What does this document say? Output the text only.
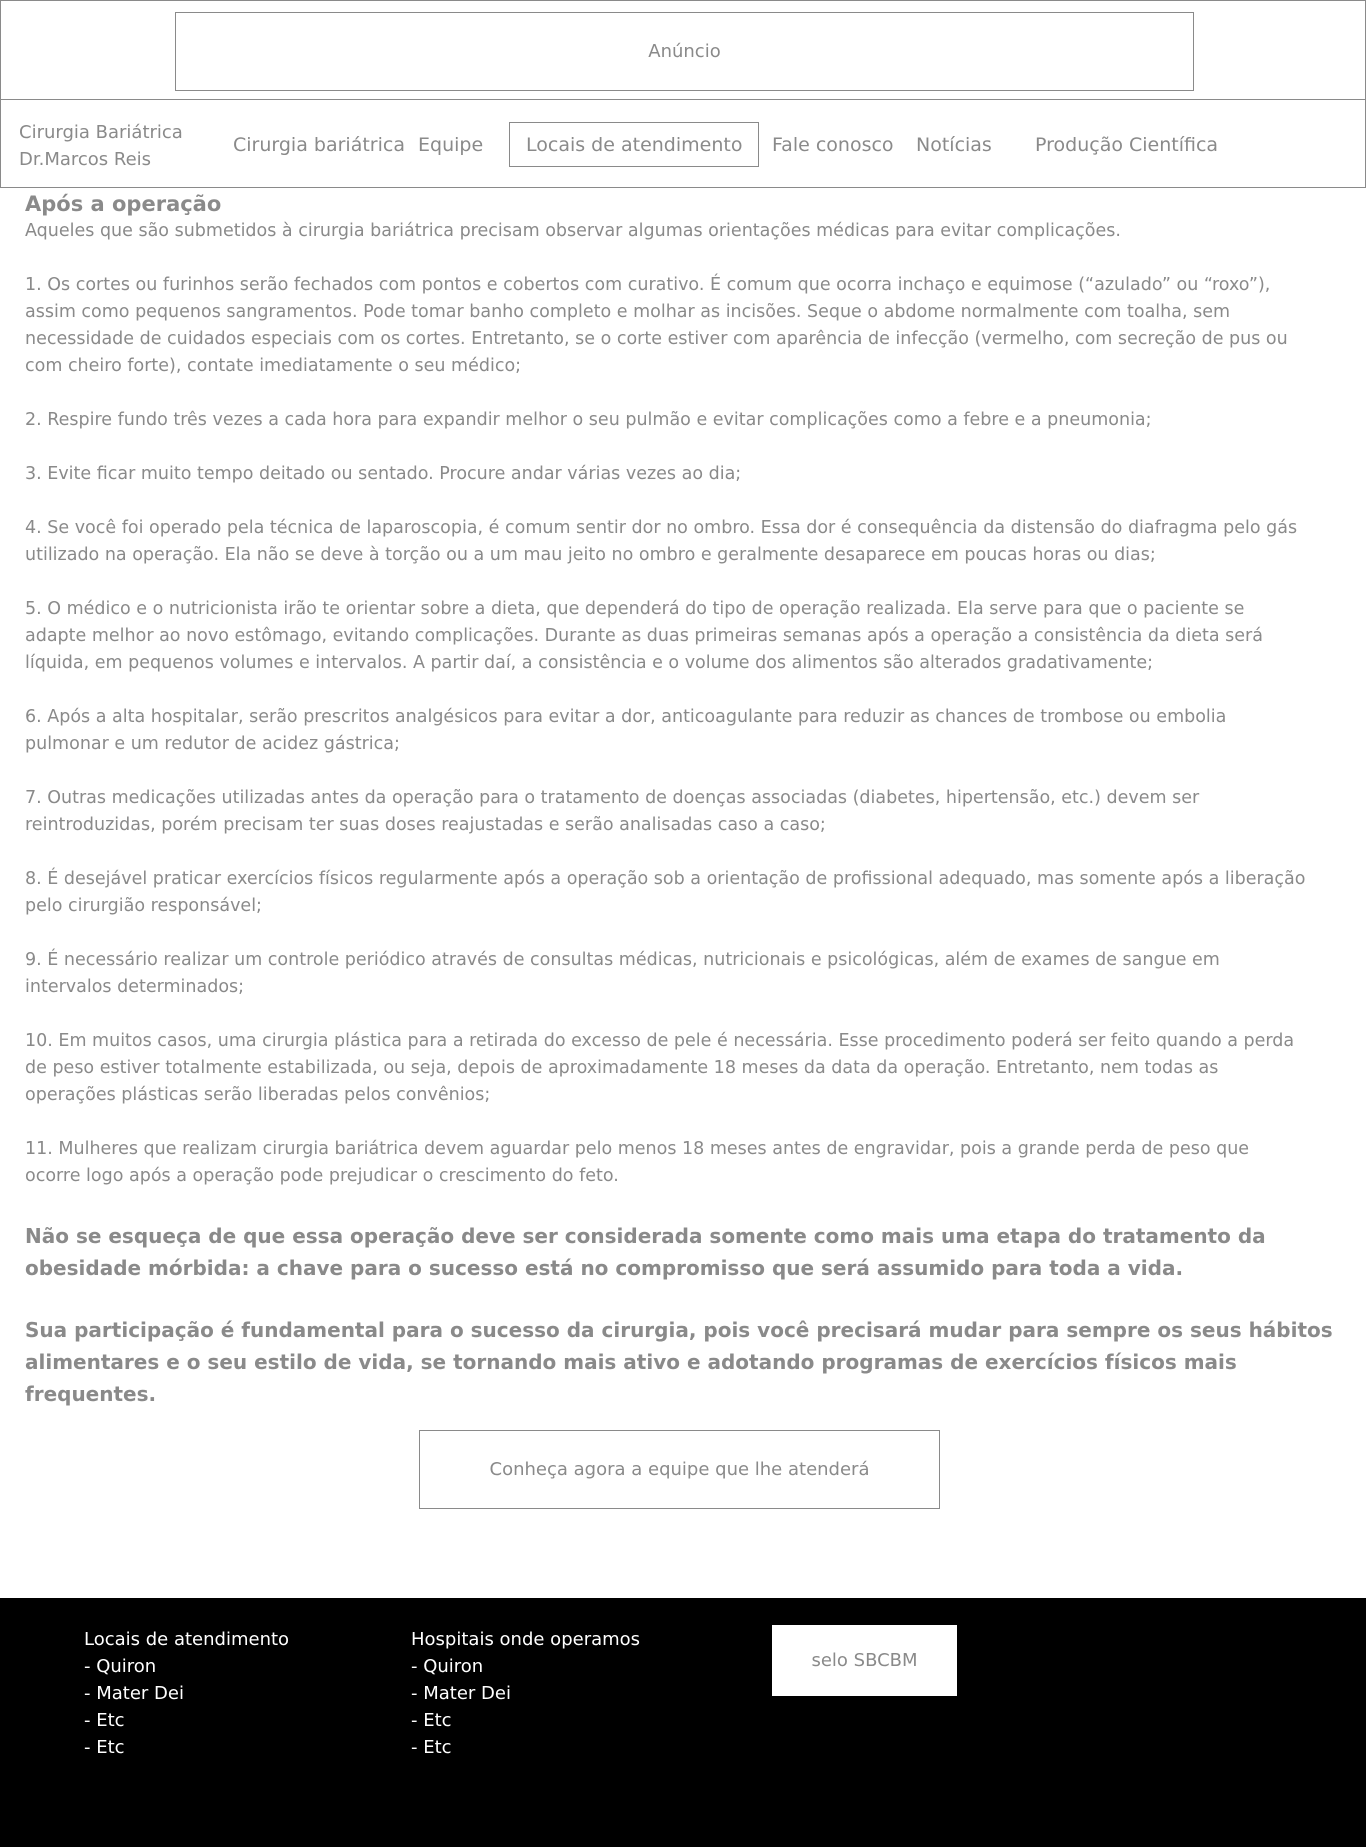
Anúncio
Cirurgia Bariátrica
Dr.Marcos Reis
Cirurgia bariátrica Equipe	Locais de atendimento	Fale conosco Notícias Produção Científica
Após a operação
Aqueles que são submetidos à cirurgia bariátrica precisam observar algumas orientações médicas para evitar complicações.
1. Os cortes ou furinhos serão fechados com pontos e cobertos com curativo. É comum que ocorra inchaço e equimose (“azulado” ou “roxo”), assim como pequenos sangramentos. Pode tomar banho completo e molhar as incisões. Seque o abdome normalmente com toalha, sem necessidade de cuidados especiais com os cortes. Entretanto, se o corte estiver com aparência de infecção (vermelho, com secreção de pus ou com cheiro forte), contate imediatamente o seu médico;
2. Respire fundo três vezes a cada hora para expandir melhor o seu pulmão e evitar complicações como a febre e a pneumonia;
3. Evite ficar muito tempo deitado ou sentado. Procure andar várias vezes ao dia;
4. Se você foi operado pela técnica de laparoscopia, é comum sentir dor no ombro. Essa dor é consequência da distensão do diafragma pelo gás utilizado na operação. Ela não se deve à torção ou a um mau jeito no ombro e geralmente desaparece em poucas horas ou dias;
5. O médico e o nutricionista irão te orientar sobre a dieta, que dependerá do tipo de operação realizada. Ela serve para que o paciente se adapte melhor ao novo estômago, evitando complicações. Durante as duas primeiras semanas após a operação a consistência da dieta será líquida, em pequenos volumes e intervalos. A partir daí, a consistência e o volume dos alimentos são alterados gradativamente;
6. Após a alta hospitalar, serão prescritos analgésicos para evitar a dor, anticoagulante para reduzir as chances de trombose ou embolia pulmonar e um redutor de acidez gástrica;
7. Outras medicações utilizadas antes da operação para o tratamento de doenças associadas (diabetes, hipertensão, etc.) devem ser reintroduzidas, porém precisam ter suas doses reajustadas e serão analisadas caso a caso;
8. É desejável praticar exercícios físicos regularmente após a operação sob a orientação de profissional adequado, mas somente após a liberação pelo cirurgião responsável;
9. É necessário realizar um controle periódico através de consultas médicas, nutricionais e psicológicas, além de exames de sangue em intervalos determinados;
10. Em muitos casos, uma cirurgia plástica para a retirada do excesso de pele é necessária. Esse procedimento poderá ser feito quando a perda de peso estiver totalmente estabilizada, ou seja, depois de aproximadamente 18 meses da data da operação. Entretanto, nem todas as operações plásticas serão liberadas pelos convênios;
11. Mulheres que realizam cirurgia bariátrica devem aguardar pelo menos 18 meses antes de engravidar, pois a grande perda de peso que ocorre logo após a operação pode prejudicar o crescimento do feto.
Não se esqueça de que essa operação deve ser considerada somente como mais uma etapa do tratamento da obesidade mórbida: a chave para o sucesso está no compromisso que será assumido para toda a vida.
Sua participação é fundamental para o sucesso da cirurgia, pois você precisará mudar para sempre os seus hábitos alimentares e o seu estilo de vida, se tornando mais ativo e adotando programas de exercícios físicos mais frequentes.
Conheça agora a equipe que lhe atenderá
Locais de atendimento
- Quiron
- Mater Dei
- Etc
- Etc
Hospitais onde operamos
- Quiron
- Mater Dei
- Etc
- Etc
selo SBCBM
